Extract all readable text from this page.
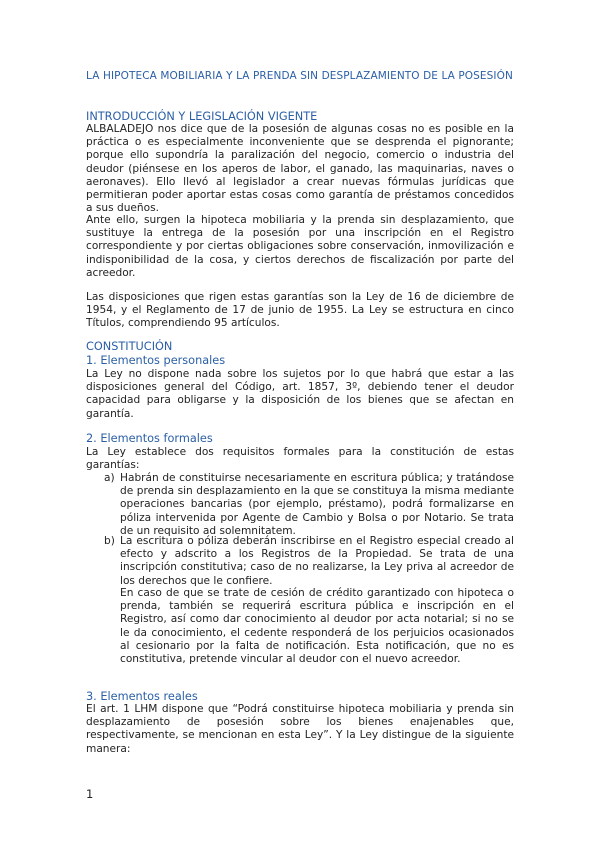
LA HIPOTECA MOBILIARIA Y LA PRENDA SIN DESPLAZAMIENTO DE LA POSESIÓN
INTRODUCCIÓN Y LEGISLACIÓN VIGENTE
ALBALADEJO nos dice que de la posesión de algunas cosas no es posible en la práctica o es especialmente inconveniente que se desprenda el pignorante; porque ello supondría la paralización del negocio, comercio o industria del deudor (piénsese en los aperos de labor, el ganado, las maquinarias, naves o aeronaves). Ello llevó al legislador a crear nuevas fórmulas jurídicas que permitieran poder aportar estas cosas como garantía de préstamos concedidos a sus dueños.
Ante ello, surgen la hipoteca mobiliaria y la prenda sin desplazamiento, que sustituye la entrega de la posesión por una inscripción en el Registro correspondiente y por ciertas obligaciones sobre conservación, inmovilización e indisponibilidad de la cosa, y ciertos derechos de fiscalización por parte del acreedor.
Las disposiciones que rigen estas garantías son la Ley de 16 de diciembre de 1954, y el Reglamento de 17 de junio de 1955. La Ley se estructura en cinco Títulos, comprendiendo 95 artículos.
CONSTITUCIÓN
1. Elementos personales
La Ley no dispone nada sobre los sujetos por lo que habrá que estar a las disposiciones general del Código, art. 1857, 3º, debiendo tener el deudor capacidad para obligarse y la disposición de los bienes que se afectan en garantía.
2. Elementos formales
La Ley establece dos requisitos formales para la constitución de estas garantías:
a) Habrán de constituirse necesariamente en escritura pública; y tratándose de prenda sin desplazamiento en la que se constituya la misma mediante operaciones bancarias (por ejemplo, préstamo), podrá formalizarse en póliza intervenida por Agente de Cambio y Bolsa o por Notario. Se trata de un requisito ad solemnitatem.
b) La escritura o póliza deberán inscribirse en el Registro especial creado al efecto y adscrito a los Registros de la Propiedad. Se trata de una inscripción constitutiva; caso de no realizarse, la Ley priva al acreedor de los derechos que le confiere.
En caso de que se trate de cesión de crédito garantizado con hipoteca o prenda, también se requerirá escritura pública e inscripción en el Registro, así como dar conocimiento al deudor por acta notarial; si no se le da conocimiento, el cedente responderá de los perjuicios ocasionados al cesionario por la falta de notificación. Esta notificación, que no es constitutiva, pretende vincular al deudor con el nuevo acreedor.
3. Elementos reales
El art. 1 LHM dispone que “Podrá constituirse hipoteca mobiliaria y prenda sin desplazamiento de posesión sobre los bienes enajenables que, respectivamente, se mencionan en esta Ley”. Y la Ley distingue de la siguiente manera:
1
